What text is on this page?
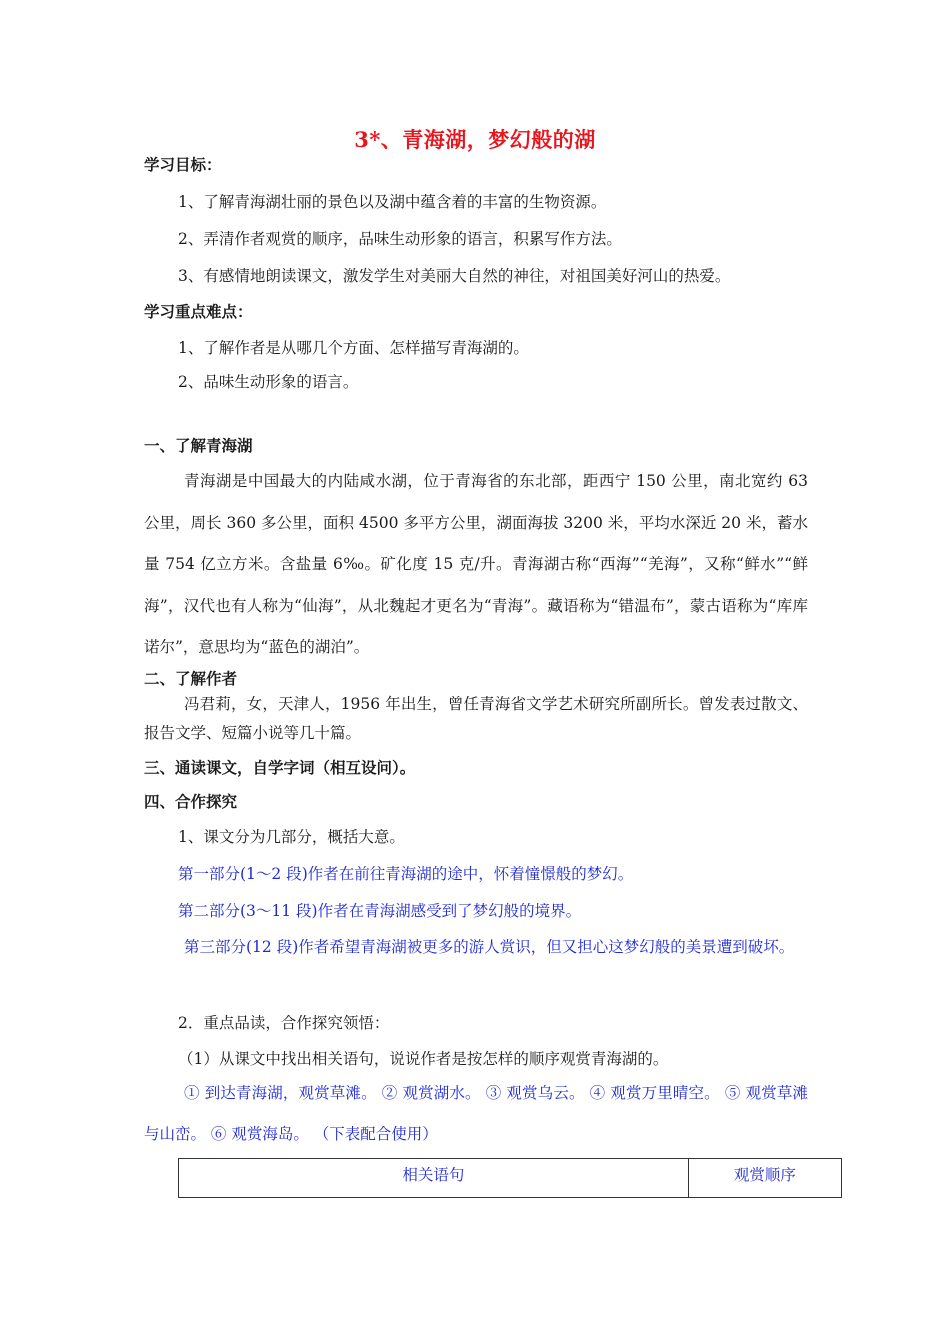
3*、青海湖，梦幻般的湖
学习目标：
1、了解青海湖壮丽的景色以及湖中蕴含着的丰富的生物资源。
2、弄清作者观赏的顺序，品味生动形象的语言，积累写作方法。
3、有感情地朗读课文，激发学生对美丽大自然的神往，对祖国美好河山的热爱。
学习重点难点：
1、了解作者是从哪几个方面、怎样描写青海湖的。
2、品味生动形象的语言。
一、了解青海湖
青海湖是中国最大的内陆咸水湖，位于青海省的东北部，距西宁 150 公里，南北宽约 63 公里，周长 360 多公里，面积 4500 多平方公里，湖面海拔 3200 米，平均水深近 20 米，蓄水量 754 亿立方米。含盐量 6‰。矿化度 15 克/升。青海湖古称“西海”“羌海”，又称“鲜水”“鲜海”，汉代也有人称为“仙海”，从北魏起才更名为“青海”。藏语称为“错温布”，蒙古语称为“库库诺尔”，意思均为“蓝色的湖泊”。
二、了解作者
冯君莉，女，天津人，1956 年出生，曾任青海省文学艺术研究所副所长。曾发表过散文、报告文学、短篇小说等几十篇。
三、通读课文，自学字词（相互设问）。
四、合作探究
1、课文分为几部分，概括大意。
第一部分(1～2 段)作者在前往青海湖的途中，怀着憧憬般的梦幻。
第二部分(3～11 段)作者在青海湖感受到了梦幻般的境界。
第三部分(12 段)作者希望青海湖被更多的游人赏识，但又担心这梦幻般的美景遭到破坏。
2．重点品读，合作探究领悟：
（1）从课文中找出相关语句，说说作者是按怎样的顺序观赏青海湖的。
① 到达青海湖，观赏草滩。 ② 观赏湖水。 ③ 观赏乌云。 ④ 观赏万里晴空。 ⑤ 观赏草滩与山峦。 ⑥ 观赏海岛。 （下表配合使用）
相关语句	观赏顺序
